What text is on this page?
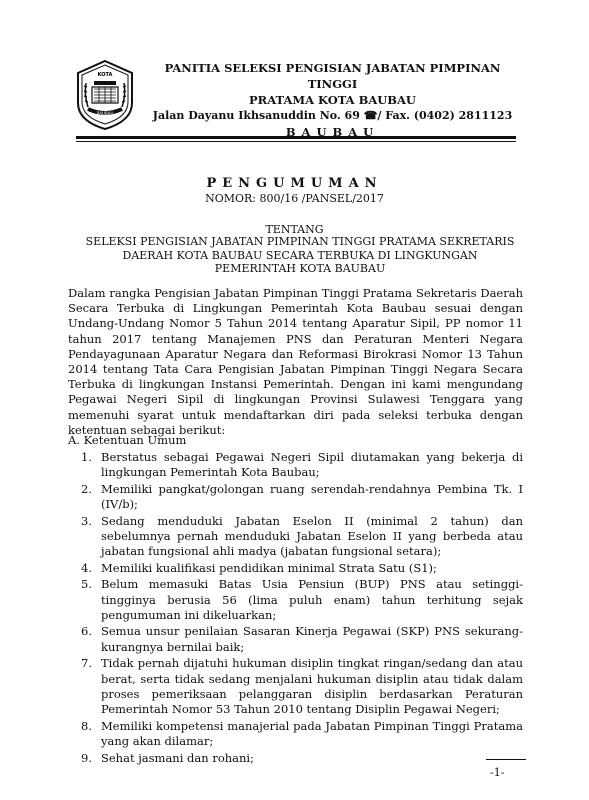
KOTA
BAUBAU
PANITIA SELEKSI PENGISIAN JABATAN PIMPINAN TINGGI
PRATAMA KOTA BAUBAU
Jalan Dayanu Ikhsanuddin No. 69 ☎/ Fax. (0402) 2811123
BAUBAU
PENGUMUMAN
NOMOR: 800/16 /PANSEL/2017
TENTANG
SELEKSI PENGISIAN JABATAN PIMPINAN TINGGI PRATAMA SEKRETARIS
DAERAH KOTA BAUBAU SECARA TERBUKA DI LINGKUNGAN
PEMERINTAH KOTA BAUBAU
Dalam rangka Pengisian Jabatan Pimpinan Tinggi Pratama Sekretaris Daerah Secara Terbuka di Lingkungan Pemerintah Kota Baubau sesuai dengan Undang-Undang Nomor 5 Tahun 2014 tentang Aparatur Sipil, PP nomor 11 tahun 2017 tentang Manajemen PNS dan Peraturan Menteri Negara Pendayagunaan Aparatur Negara dan Reformasi Birokrasi Nomor 13 Tahun 2014 tentang Tata Cara Pengisian Jabatan Pimpinan Tinggi Negara Secara Terbuka di lingkungan Instansi Pemerintah. Dengan ini kami mengundang Pegawai Negeri Sipil di lingkungan Provinsi Sulawesi Tenggara yang memenuhi syarat untuk mendaftarkan diri pada seleksi terbuka dengan ketentuan sebagai berikut:
A. Ketentuan Umum
1. Berstatus sebagai Pegawai Negeri Sipil diutamakan yang bekerja di lingkungan Pemerintah Kota Baubau;
2. Memiliki pangkat/golongan ruang serendah-rendahnya Pembina Tk. I (IV/b);
3. Sedang menduduki Jabatan Eselon II (minimal 2 tahun) dan sebelumnya pernah menduduki Jabatan Eselon II yang berbeda atau jabatan fungsional ahli madya (jabatan fungsional setara);
4. Memiliki kualifikasi pendidikan minimal Strata Satu (S1);
5. Belum memasuki Batas Usia Pensiun (BUP) PNS atau setinggi-tingginya berusia 56 (lima puluh enam) tahun terhitung sejak pengumuman ini dikeluarkan;
6. Semua unsur penilaian Sasaran Kinerja Pegawai (SKP) PNS sekurang-kurangnya bernilai baik;
7. Tidak pernah dijatuhi hukuman disiplin tingkat ringan/sedang dan atau berat, serta tidak sedang menjalani hukuman disiplin atau tidak dalam proses pemeriksaan pelanggaran disiplin berdasarkan Peraturan Pemerintah Nomor 53 Tahun 2010 tentang Disiplin Pegawai Negeri;
8. Memiliki kompetensi manajerial pada Jabatan Pimpinan Tinggi Pratama yang akan dilamar;
9. Sehat jasmani dan rohani;
-1-
